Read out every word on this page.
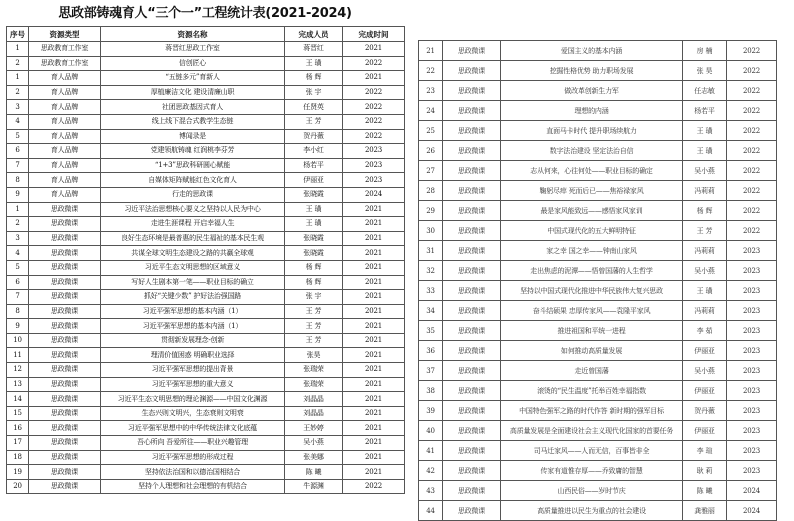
思政部铸魂育人“三个一”工程统计表(2021-2024)
序号	资源类型	资源名称	完成人员	完成时间
1	思政教育工作室	蒋晋红思政工作室	蒋晋红	2021
2	思政教育工作室	信创匠心	王 璜	2022
1	育人品牌	“五链多元”育新人	杨 辉	2021
2	育人品牌	厚植廉洁文化 建设清廉山职	张 宇	2022
3	育人品牌	社团思政基因式育人	任贤英	2022
4	育人品牌	线上线下混合式教学生态链	王 芳	2022
5	育人品牌	博闻录是	贺丹薇	2022
6	育人品牌	党建领航铸魂 红润桃李芬芳	李小红	2023
7	育人品牌	“1+3”思政科研圆心赋能	杨若平	2023
8	育人品牌	自媒体矩阵赋能红色文化育人	伊丽亚	2023
9	育人品牌	行走的思政课	张晓霞	2024
1	思政微课	习近平法治思想核心要义之坚持以人民为中心	王 璜	2021
2	思政微课	走进生涯课程 开启幸福人生	王 璜	2021
3	思政微课	良好生态环境是最普惠的民生福祉的基本民生观	张晓霞	2021
4	思政微课	共谋全球文明生态建设之路的共赢全球观	张晓霞	2021
5	思政微课	习近平生态文明思想的区域意义	杨 辉	2021
6	思政微课	写好人生剧本第一笔——职业目标的确立	杨 辉	2021
7	思政微课	抓好“关键少数” 护好法治强国路	张 宇	2021
8	思政微课	习近平强军思想的基本内涵（1）	王 芳	2021
9	思政微课	习近平强军思想的基本内涵（1）	王 芳	2021
10	思政微课	贯彻新发展理念-创新	王 芳	2021
11	思政微课	理清价值困惑 明确职业选择	张昊	2021
12	思政微课	习近平强军思想的提出背景	张瑞荣	2021
13	思政微课	习近平强军思想的重大意义	张瑞荣	2021
14	思政微课	习近平生态文明思想的理论渊源——中国文化渊源	刘晶晶	2021
15	思政微课	生态兴则文明兴，生态衰则文明衰	刘晶晶	2021
16	思政微课	习近平强军思想中的中华传统法律文化底蕴	王妙婷	2021
17	思政微课	吾心所向 吾爱所往——职业兴趣管理	吴小燕	2021
18	思政微课	习近平强军思想的形成过程	张美娜	2021
19	思政微课	坚持依法治国和以德治国相结合	陈 曦	2021
20	思政微课	坚持个人理想和社会理想的有机结合	牛源渊	2022
21	思政微课	爱国主义的基本内涵	房 楠	2022
22	思政微课	挖掘性格优势 助力职场发展	张 昊	2022
23	思政微课	做改革创新生力军	任志敏	2022
24	思政微课	理想的内涵	杨若平	2022
25	思政微课	直面马卡时代 提升职场续航力	王 璜	2022
26	思政微课	数字法治建设 坚定法治自信	王 璜	2022
27	思政微课	志从何来，心往何处——职业目标的确定	吴小燕	2022
28	思政微课	鞠躬尽瘁 死而后已——焦裕禄家风	冯莉莉	2022
29	思政微课	最是家风能致远——感悟家风家训	杨 辉	2022
30	思政微课	中国式现代化的五大鲜明特征	王 芳	2022
31	思政微课	家之幸 国之幸——钟南山家风	冯莉莉	2023
32	思政微课	走出焦虑的泥潭——悟曾国藩的人生哲学	吴小燕	2023
33	思政微课	坚持以中国式现代化推进中华民族伟大复兴思政	王 璜	2023
34	思政微课	奋斗结硕果 忠厚传家风——袁隆平家风	冯莉莉	2023
35	思政微课	推进祖国和平统一进程	李 茹	2023
36	思政微课	如何推动高质量发展	伊丽亚	2023
37	思政微课	走近曾国藩	吴小燕	2023
38	思政微课	滚烫的“民生温度”托举百姓幸福指数	伊丽亚	2023
39	思政微课	中国特色强军之路的时代作答 新时期的强军目标	贺丹薇	2023
40	思政微课	高质量发展是全面建设社会主义现代化国家的首要任务	伊丽亚	2023
41	思政微课	司马迁家风——人而无信，百事皆非全	李 瑄	2023
42	思政微课	传家有道惟存厚——乔致庸的智慧	耿 莉	2023
43	思政微课	山西民俗——岁时节庆	陈 曦	2024
44	思政微课	高质量推进以民生为重点的社会建设	龚雅丽	2024
